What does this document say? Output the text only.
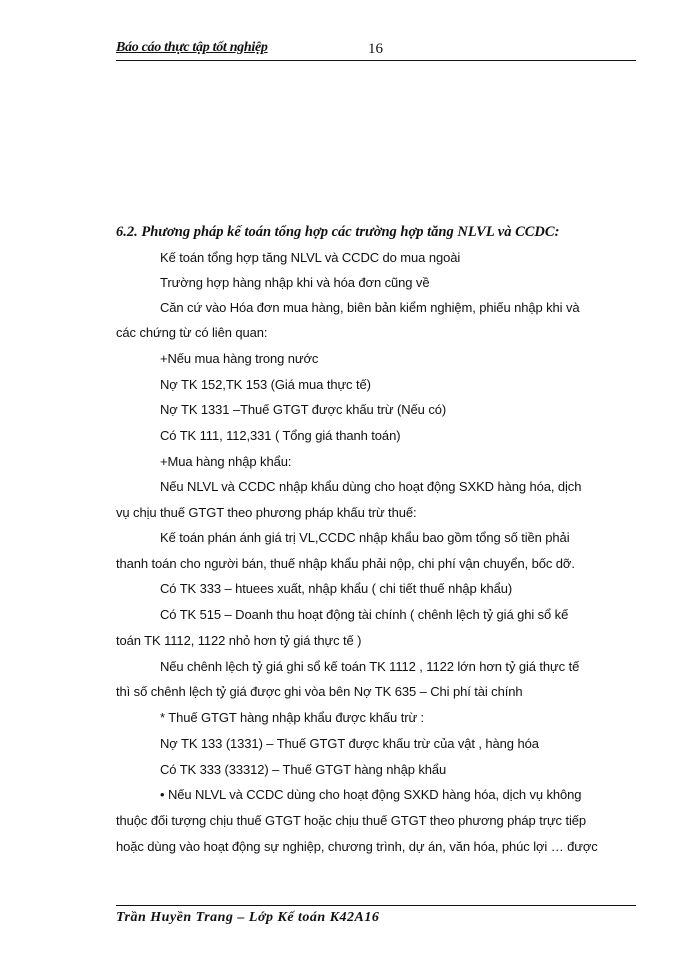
Báo cáo thực tập tốt nghiệp	16
6.2. Phương pháp kế toán tổng hợp các trường hợp tăng NLVL và CCDC:
Kế toán tổng hợp tăng NLVL và CCDC do mua ngoài
Trường hợp hàng nhập khi và hóa đơn cũng về
Căn cứ vào Hóa đơn mua hàng, biên bản kiểm nghiệm, phiếu nhập khi và
các chứng từ có liên quan:
+Nếu mua hàng trong nước
Nợ TK 152,TK 153 (Giá mua thực tế)
Nợ TK 1331 –Thuế GTGT được khấu trừ (Nếu có)
Có TK 111, 112,331 ( Tổng giá thanh toán)
+Mua hàng nhập khẩu:
Nếu NLVL và CCDC nhập khẩu dùng cho hoạt động SXKD hàng hóa, dịch
vụ chịu thuế GTGT theo phương pháp khấu trừ thuế:
Kế toán phán ánh giá trị VL,CCDC nhập khẩu bao gồm tổng số tiền phải
thanh toán cho người bán, thuế nhập khẩu phải nộp, chi phí vận chuyển, bốc dỡ.
Có TK 333 – htuees xuất, nhập khẩu ( chi tiết thuế nhập khẩu)
Có TK 515 – Doanh thu hoạt động tài chính ( chênh lệch tỷ giá ghi sổ kế
toán TK 1112, 1122 nhỏ hơn tỷ giá thực tế )
Nếu chênh lệch tỷ giá ghi sổ kế toán TK 1112 , 1122 lớn hơn tỷ giá thực tế
thì số chênh lệch tỷ giá được ghi vòa bên Nợ TK 635 – Chi phí tài chính
* Thuế GTGT hàng nhập khẩu được khấu trừ :
Nợ TK 133 (1331) – Thuế GTGT được khấu trừ của vật , hàng hóa
Có TK 333 (33312) – Thuế GTGT hàng nhập khẩu
• Nếu NLVL và CCDC dùng cho hoạt động SXKD hàng hóa, dịch vụ không
thuộc đối tượng chịu thuế GTGT hoặc chịu thuế GTGT theo phương pháp trực tiếp
hoặc dùng vào hoạt động sự nghiệp, chương trình, dự án, văn hóa, phúc lợi … được
Trần Huyền Trang – Lớp Kế toán K42A16
